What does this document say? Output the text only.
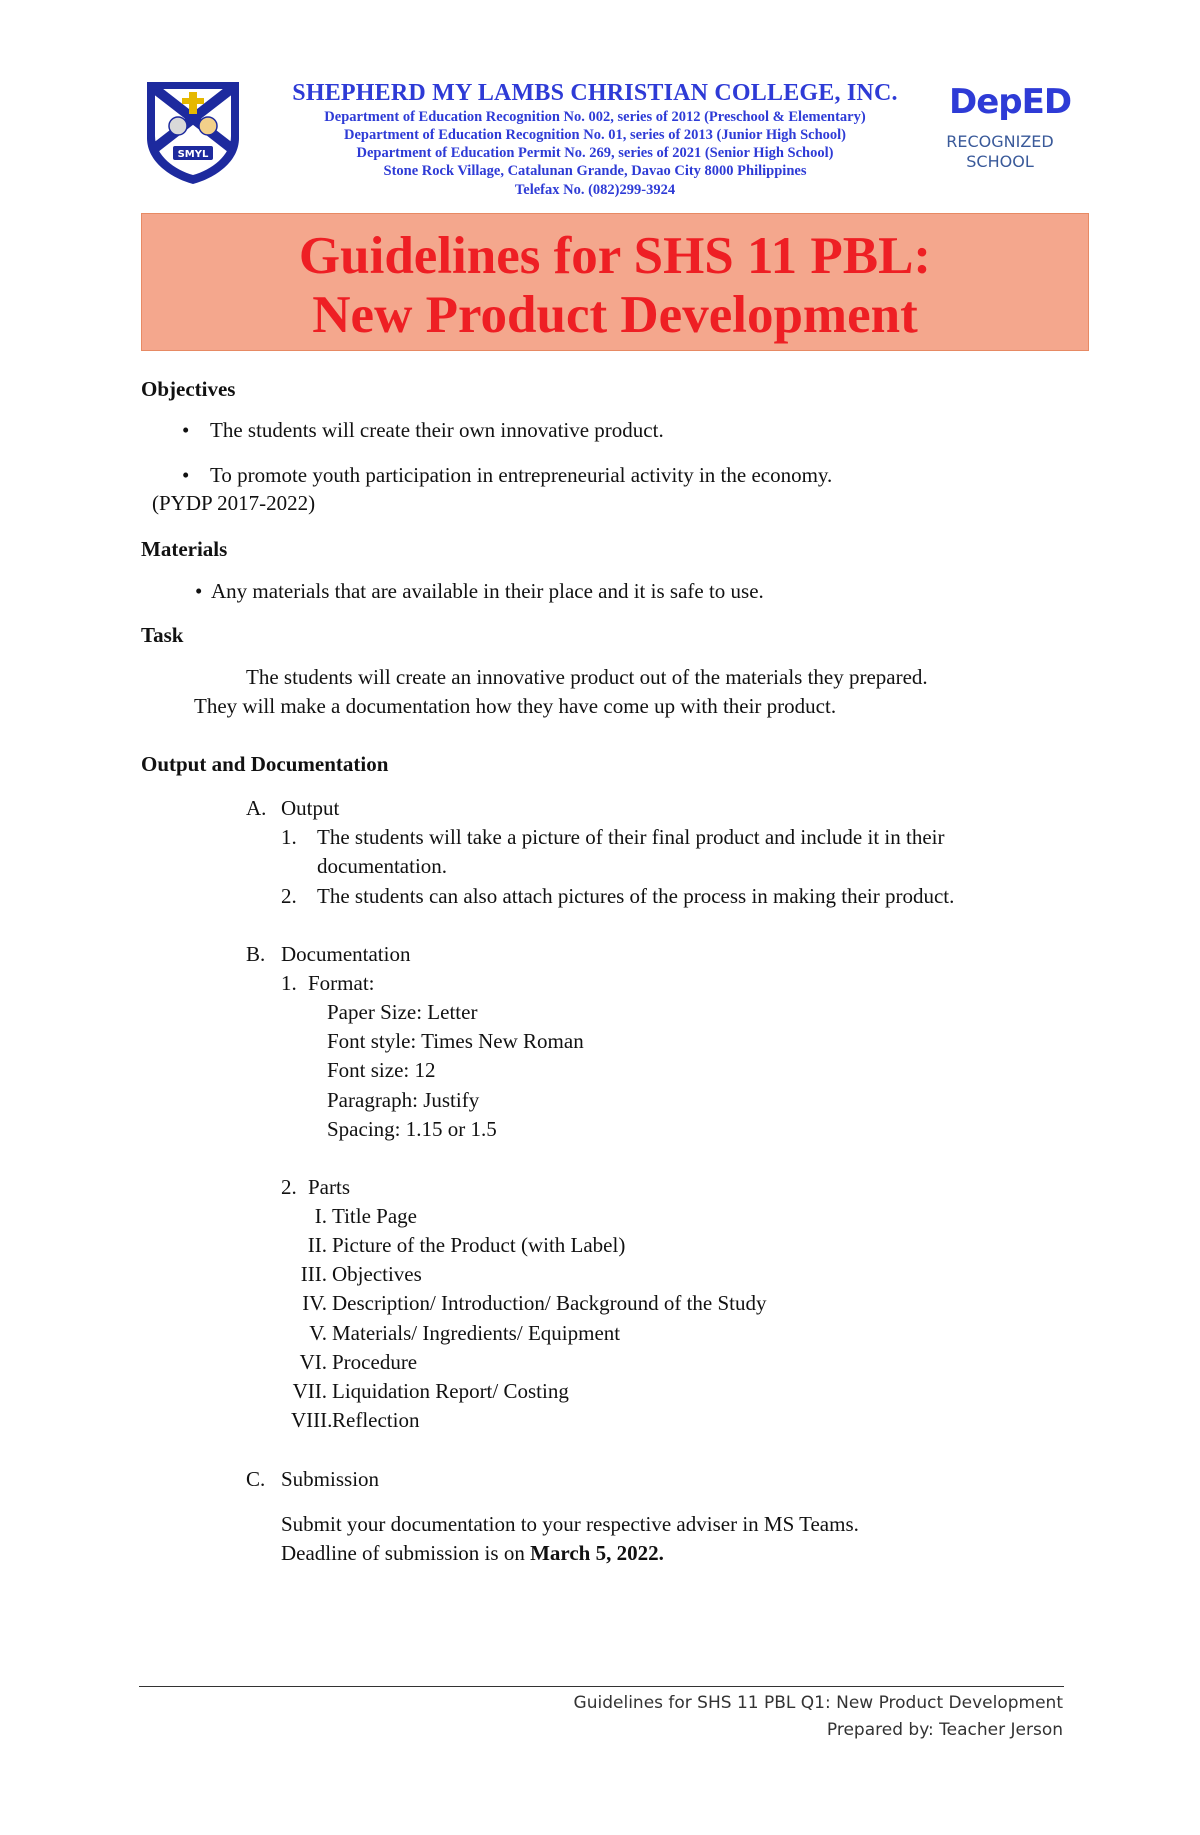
SMYL
SHEPHERD MY LAMBS CHRISTIAN COLLEGE, INC.
Department of Education Recognition No. 002, series of 2012 (Preschool & Elementary)
Department of Education Recognition No. 01, series of 2013 (Junior High School)
Department of Education Permit No. 269, series of 2021 (Senior High School)
Stone Rock Village, Catalunan Grande, Davao City 8000 Philippines
Telefax No. (082)299-3924
DepED
RECOGNIZED
SCHOOL
Guidelines for SHS 11 PBL:
New Product Development
Objectives
• The students will create their own innovative product.
• To promote youth participation in entrepreneurial activity in the economy.
(PYDP 2017-2022)
Materials
• Any materials that are available in their place and it is safe to use.
Task
The students will create an innovative product out of the materials they prepared.
They will make a documentation how they have come up with their product.
Output and Documentation
A. Output
1. The students will take a picture of their final product and include it in their
documentation.
2. The students can also attach pictures of the process in making their product.
B. Documentation
1. Format:
Paper Size: Letter
Font style: Times New Roman
Font size: 12
Paragraph: Justify
Spacing: 1.15 or 1.5
2. Parts
I. Title Page
II. Picture of the Product (with Label)
III. Objectives
IV. Description/ Introduction/ Background of the Study
V. Materials/ Ingredients/ Equipment
VI. Procedure
VII. Liquidation Report/ Costing
VIII. Reflection
C. Submission
Submit your documentation to your respective adviser in MS Teams.
Deadline of submission is on March 5, 2022.
Guidelines for SHS 11 PBL Q1: New Product Development
Prepared by: Teacher Jerson
